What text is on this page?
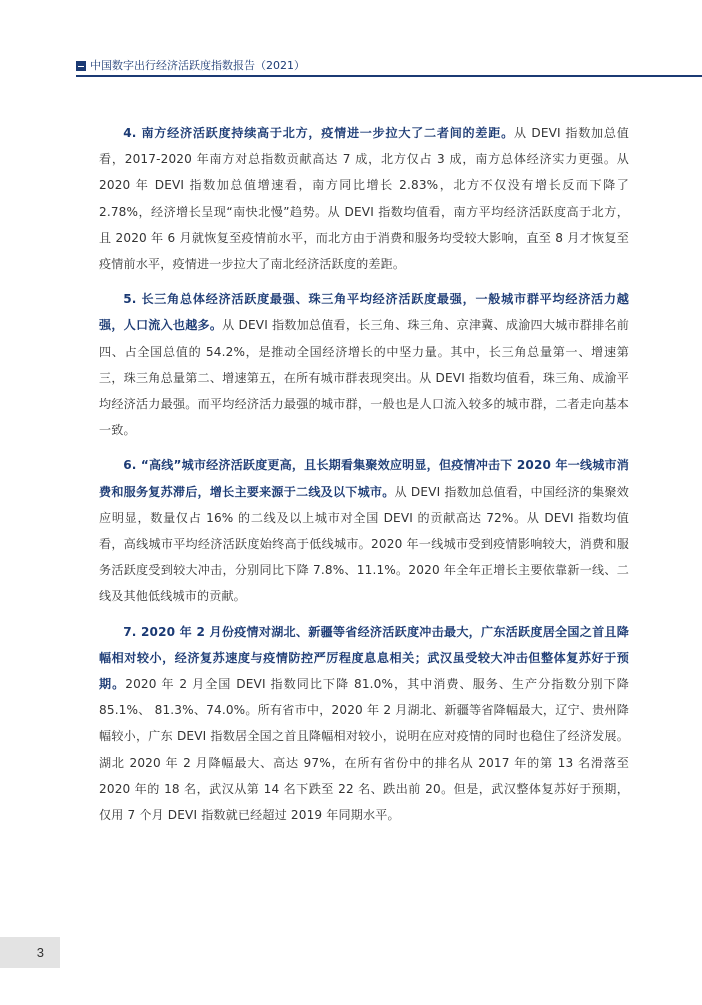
中国数字出行经济活跃度指数报告（2021）

4. 南方经济活跃度持续高于北方，疫情进一步拉大了二者间的差距。从 DEVI 指数加总值看，2017-2020 年南方对总指数贡献高达 7 成，北方仅占 3 成，南方总体经济实力更强。从 2020 年 DEVI 指数加总值增速看，南方同比增长 2.83%，北方不仅没有增长反而下降了 2.78%，经济增长呈现“南快北慢”趋势。从 DEVI 指数均值看，南方平均经济活跃度高于北方，且 2020 年 6 月就恢复至疫情前水平，而北方由于消费和服务均受较大影响，直至 8 月才恢复至疫情前水平，疫情进一步拉大了南北经济活跃度的差距。

5. 长三角总体经济活跃度最强、珠三角平均经济活跃度最强，一般城市群平均经济活力越强，人口流入也越多。从 DEVI 指数加总值看，长三角、珠三角、京津冀、成渝四大城市群排名前四、占全国总值的 54.2%，是推动全国经济增长的中坚力量。其中，长三角总量第一、增速第三，珠三角总量第二、增速第五，在所有城市群表现突出。从 DEVI 指数均值看，珠三角、成渝平均经济活力最强。而平均经济活力最强的城市群，一般也是人口流入较多的城市群，二者走向基本一致。

6. “高线”城市经济活跃度更高，且长期看集聚效应明显，但疫情冲击下 2020 年一线城市消费和服务复苏滞后，增长主要来源于二线及以下城市。从 DEVI 指数加总值看，中国经济的集聚效应明显，数量仅占 16% 的二线及以上城市对全国 DEVI 的贡献高达 72%。从 DEVI 指数均值看，高线城市平均经济活跃度始终高于低线城市。2020 年一线城市受到疫情影响较大，消费和服务活跃度受到较大冲击，分别同比下降 7.8%、11.1%。2020 年全年正增长主要依靠新一线、二线及其他低线城市的贡献。

7. 2020 年 2 月份疫情对湖北、新疆等省经济活跃度冲击最大，广东活跃度居全国之首且降幅相对较小，经济复苏速度与疫情防控严厉程度息息相关；武汉虽受较大冲击但整体复苏好于预期。2020 年 2 月全国 DEVI 指数同比下降 81.0%，其中消费、服务、生产分指数分别下降 85.1%、 81.3%、74.0%。所有省市中，2020 年 2 月湖北、新疆等省降幅最大，辽宁、贵州降幅较小，广东 DEVI 指数居全国之首且降幅相对较小，说明在应对疫情的同时也稳住了经济发展。湖北 2020 年 2 月降幅最大、高达 97%，在所有省份中的排名从 2017 年的第 13 名滑落至 2020 年的 18 名，武汉从第 14 名下跌至 22 名、跌出前 20。但是，武汉整体复苏好于预期，仅用 7 个月 DEVI 指数就已经超过 2019 年同期水平。

3
